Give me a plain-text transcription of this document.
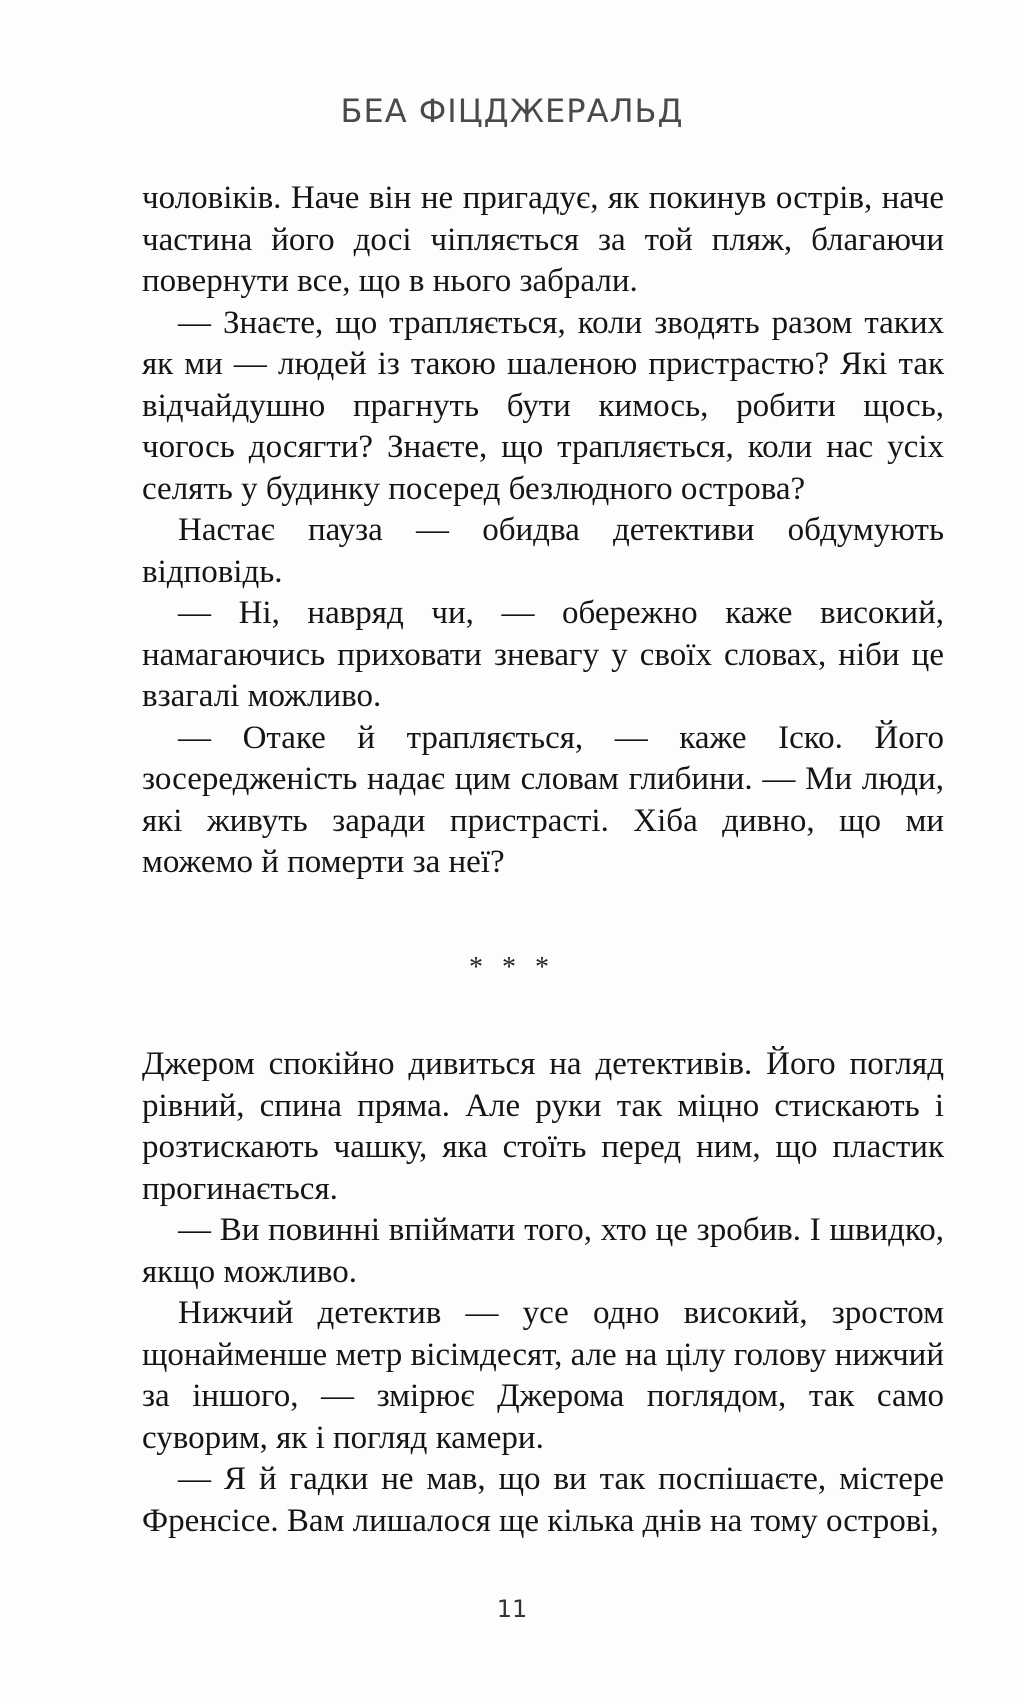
БЕА ФІЦДЖЕРАЛЬД

чоловіків. Наче він не пригадує, як покинув острів, наче частина його досі чіпляється за той пляж, благаючи повернути все, що в нього забрали.

— Знаєте, що трапляється, коли зводять разом таких як ми — людей із такою шаленою пристрастю? Які так відчайдушно прагнуть бути кимось, робити щось, чогось досягти? Знаєте, що трапляється, коли нас усіх селять у будинку посеред безлюдного острова?

Настає пауза — обидва детективи обдумують відповідь.

— Ні, навряд чи, — обережно каже високий, намагаючись приховати зневагу у своїх словах, ніби це взагалі можливо.

— Отаке й трапляється, — каже Іско. Його зосередженість надає цим словам глибини. — Ми люди, які живуть заради пристрасті. Хіба дивно, що ми можемо й померти за неї?

* * *

Джером спокійно дивиться на детективів. Його погляд рівний, спина пряма. Але руки так міцно стискають і розтискають чашку, яка стоїть перед ним, що пластик прогинається.

— Ви повинні впіймати того, хто це зробив. І швидко, якщо можливо.

Нижчий детектив — усе одно високий, зростом щонайменше метр вісімдесят, але на цілу голову нижчий за іншого, — змірює Джерома поглядом, так само суворим, як і погляд камери.

— Я й гадки не мав, що ви так поспішаєте, містере Френсісе. Вам лишалося ще кілька днів на тому острові,

11
